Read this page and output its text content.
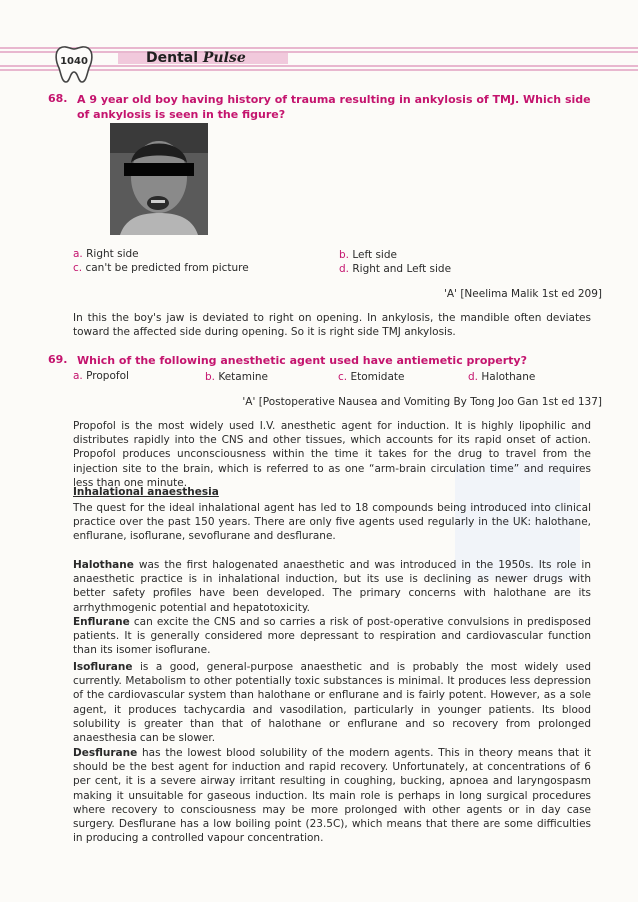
1040	Dental Pulse
68. A 9 year old boy having history of trauma resulting in ankylosis of TMJ. Which side of ankylosis is seen in the figure?
a. Right side	b. Left side
c. can't be predicted from picture	d. Right and Left side
'A' [Neelima Malik 1st ed 209]
In this the boy's jaw is deviated to right on opening. In ankylosis, the mandible often deviates toward the affected side during opening. So it is right side TMJ ankylosis.
69. Which of the following anesthetic agent used have antiemetic property?
a. Propofol	b. Ketamine	c. Etomidate	d. Halothane
'A' [Postoperative Nausea and Vomiting By Tong Joo Gan 1st ed 137]
Propofol is the most widely used I.V. anesthetic agent for induction. It is highly lipophilic and distributes rapidly into the CNS and other tissues, which accounts for its rapid onset of action. Propofol produces unconsciousness within the time it takes for the drug to travel from the injection site to the brain, which is referred to as one “arm-brain circulation time” and requires less than one minute.
Inhalational anaesthesia
The quest for the ideal inhalational agent has led to 18 compounds being introduced into clinical practice over the past 150 years. There are only five agents used regularly in the UK: halothane, enflurane, isoflurane, sevoflurane and desflurane.
Halothane was the first halogenated anaesthetic and was introduced in the 1950s. Its role in anaesthetic practice is in inhalational induction, but its use is declining as newer drugs with better safety profiles have been developed. The primary concerns with halothane are its arrhythmogenic potential and hepatotoxicity.
Enflurane can excite the CNS and so carries a risk of post-operative convulsions in predisposed patients. It is generally considered more depressant to respiration and cardiovascular function than its isomer isoflurane.
Isoflurane is a good, general-purpose anaesthetic and is probably the most widely used currently. Metabolism to other potentially toxic substances is minimal. It produces less depression of the cardiovascular system than halothane or enflurane and is fairly potent. However, as a sole agent, it produces tachycardia and vasodilation, particularly in younger patients. Its blood solubility is greater than that of halothane or enflurane and so recovery from prolonged anaesthesia can be slower.
Desflurane has the lowest blood solubility of the modern agents. This in theory means that it should be the best agent for induction and rapid recovery. Unfortunately, at concentrations of 6 per cent, it is a severe airway irritant resulting in coughing, bucking, apnoea and laryngospasm making it unsuitable for gaseous induction. Its main role is perhaps in long surgical procedures where recovery to consciousness may be more prolonged with other agents or in day case surgery. Desflurane has a low boiling point (23.5C), which means that there are some difficulties in producing a controlled vapour concentration.
